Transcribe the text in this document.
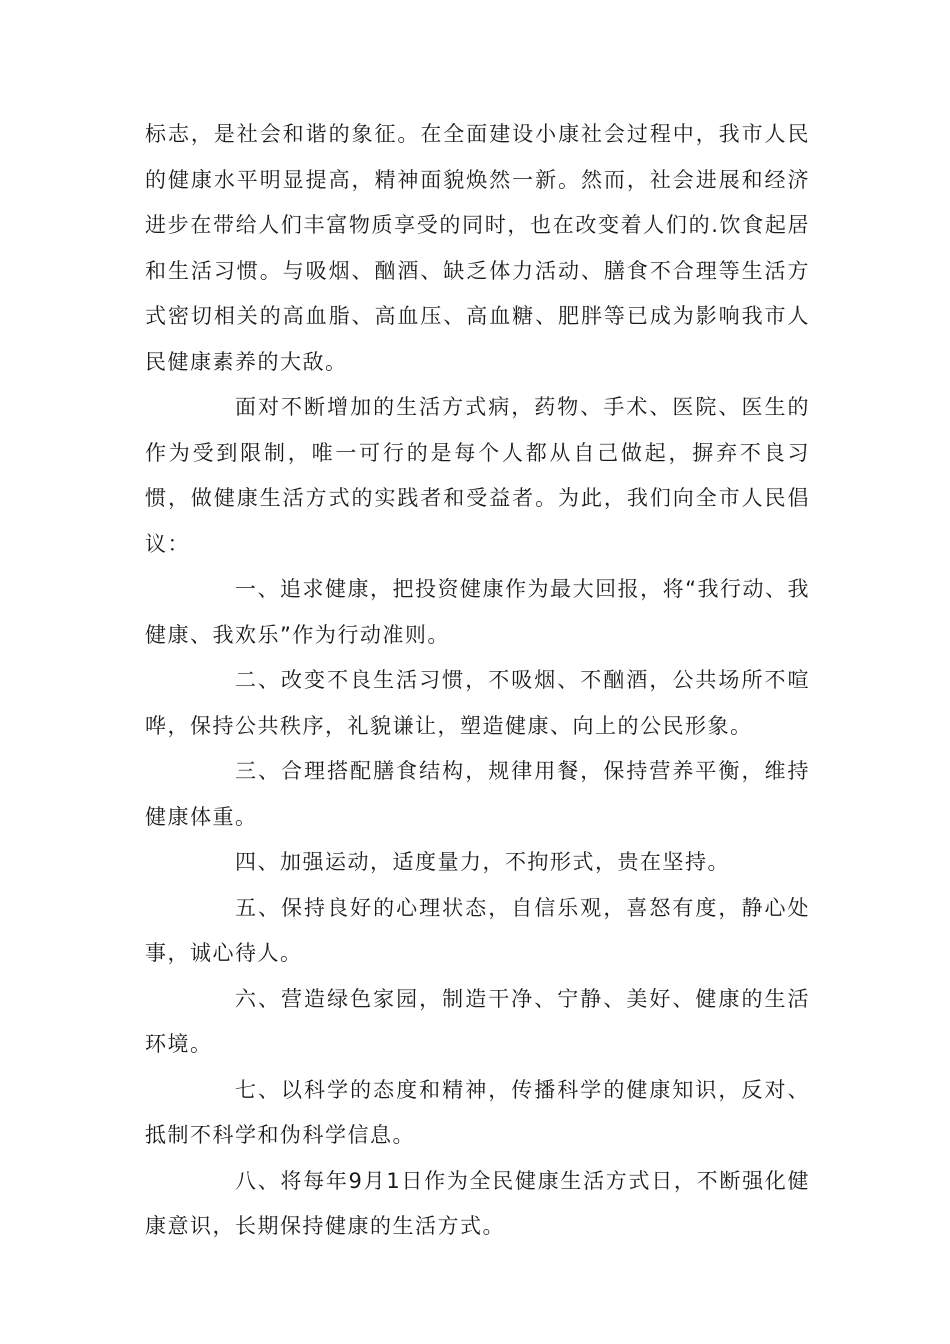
标志，是社会和谐的象征。在全面建设小康社会过程中，我市人民的健康水平明显提高，精神面貌焕然一新。然而，社会进展和经济进步在带给人们丰富物质享受的同时，也在改变着人们的.饮食起居和生活习惯。与吸烟、酗酒、缺乏体力活动、膳食不合理等生活方式密切相关的高血脂、高血压、高血糖、肥胖等已成为影响我市人民健康素养的大敌。

面对不断增加的生活方式病，药物、手术、医院、医生的作为受到限制，唯一可行的是每个人都从自己做起，摒弃不良习惯，做健康生活方式的实践者和受益者。为此，我们向全市人民倡议：

一、追求健康，把投资健康作为最大回报，将“我行动、我健康、我欢乐”作为行动准则。

二、改变不良生活习惯，不吸烟、不酗酒，公共场所不喧哗，保持公共秩序，礼貌谦让，塑造健康、向上的公民形象。

三、合理搭配膳食结构，规律用餐，保持营养平衡，维持健康体重。

四、加强运动，适度量力，不拘形式，贵在坚持。

五、保持良好的心理状态，自信乐观，喜怒有度，静心处事，诚心待人。

六、营造绿色家园，制造干净、宁静、美好、健康的生活环境。

七、以科学的态度和精神，传播科学的健康知识，反对、抵制不科学和伪科学信息。

八、将每年9月1日作为全民健康生活方式日，不断强化健康意识，长期保持健康的生活方式。
